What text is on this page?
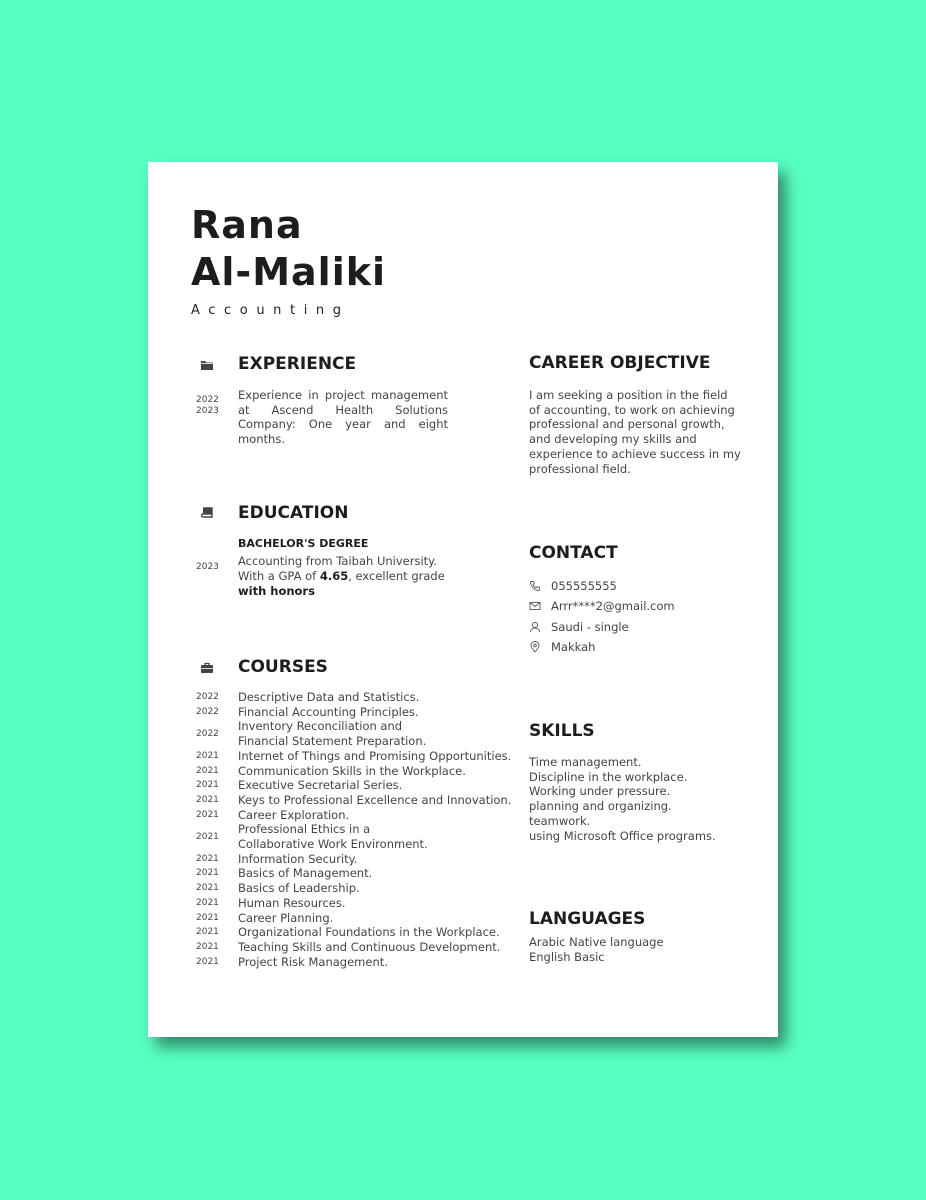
Rana
Al-Maliki
Accounting
EXPERIENCE
2022
2023
Experience in project management at Ascend Health Solutions Company: One year and eight months.
EDUCATION
BACHELOR'S DEGREE
2023 Accounting from Taibah University.
With a GPA of 4.65, excellent grade
with honors
COURSES
2022 Descriptive Data and Statistics.
2022 Financial Accounting Principles.
2022
Inventory Reconciliation and
Financial Statement Preparation.
2021 Internet of Things and Promising Opportunities.
2021 Communication Skills in the Workplace.
2021 Executive Secretarial Series.
2021 Keys to Professional Excellence and Innovation.
2021 Career Exploration.
2021
Professional Ethics in a
Collaborative Work Environment.
2021 Information Security.
2021 Basics of Management.
2021 Basics of Leadership.
2021 Human Resources.
2021 Career Planning.
2021 Organizational Foundations in the Workplace.
2021 Teaching Skills and Continuous Development.
2021 Project Risk Management.
CAREER OBJECTIVE
I am seeking a position in the field
of accounting, to work on achieving
professional and personal growth,
and developing my skills and
experience to achieve success in my
professional field.
CONTACT
055555555
Arrr****2@gmail.com
Saudi - single
Makkah
SKILLS
Time management.
Discipline in the workplace.
Working under pressure.
planning and organizing.
teamwork.
using Microsoft Office programs.
LANGUAGES
Arabic Native language
English Basic
